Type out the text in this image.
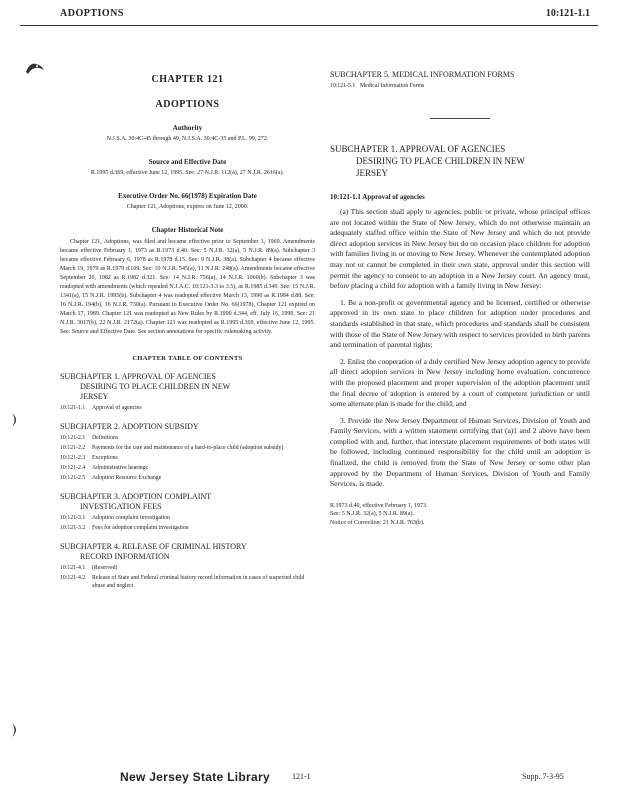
ADOPTIONS	10:121-1.1
CHAPTER 121
ADOPTIONS
Authority
N.J.S.A. 30:4C-45 through 49, N.J.S.A. 30:4C-35 and P.L. 99, 272.
Source and Effective Date
R.1995 d.369, effective June 12, 1995. See: 27 N.J.R. 112(a), 27 N.J.R. 2616(a).
Executive Order No. 66(1978) Expiration Date
Chapter 121, Adoptions, expires on June 12, 2000.
Chapter Historical Note
Chapter 121, Adoptions, was filed and became effective prior to September 1, 1969. Amendments became effective February 1, 1973 as R.1973 d.40. See: 5 N.J.R. 32(a), 5 N.J.R. 89(a). Subchapter 3 became effective February 6, 1978 as R.1978 d.15. See: 9 N.J.R. 38(a). Subchapter 4 became effective March 19, 1979 as R.1979 d.109. See: 10 N.J.R. 545(a), 11 N.J.R. 248(a). Amendments became effective September 20, 1982 as R.1982 d.321. See: 14 N.J.R. 756(a), 14 N.J.R. 1060(b). Subchapter 3 was readopted with amendments (which repealed N.J.A.C. 10:121-3.3 to 3.5), as R.1985 d.349. See: 15 N.J.R. 1341(a), 15 N.J.R. 1995(b). Subchapter 4 was readopted effective March 13, 1990 as R.1984 d.88. See: 16 N.J.R. 194(b), 16 N.J.R. 730(a). Pursuant to Executive Order No. 66(1978), Chapter 121 expired on March 17, 1989. Chapter 121 was readopted as New Rules by R.1990 d.344, eff. July 16, 1990. See: 21 N.J.R. 3017(b), 22 N.J.R. 2172(a). Chapter 121 was readopted as R.1995 d.369, effective June 12, 1995. See: Source and Effective Date. See section annotations for specific rulemaking activity.
CHAPTER TABLE OF CONTENTS
SUBCHAPTER 1. APPROVAL OF AGENCIES
DESIRING TO PLACE CHILDREN IN NEW
JERSEY
10:121-1.1	Approval of agencies
SUBCHAPTER 2. ADOPTION SUBSIDY
10:121-2.1	Definitions
10:121-2.2	Payments for the care and maintenance of a hard-to-place child (adoption subsidy)
10:121-2.3	Exceptions
10:121-2.4	Administrative hearings
10:121-2.5	Adoption Resource Exchange
SUBCHAPTER 3. ADOPTION COMPLAINT
INVESTIGATION FEES
10:121-3.1	Adoption complaint investigation
10:121-3.2	Fees for adoption complaint investigation
SUBCHAPTER 4. RELEASE OF CRIMINAL HISTORY
RECORD INFORMATION
10:121-4.1	(Reserved)
10:121-4.2	Release of State and Federal criminal history record information in cases of suspected child abuse and neglect
SUBCHAPTER 5. MEDICAL INFORMATION FORMS
10:121-5.1 Medical Information Forms
SUBCHAPTER 1. APPROVAL OF AGENCIES
DESIRING TO PLACE CHILDREN IN NEW
JERSEY
10:121-1.1 Approval of agencies

(a) This section shall apply to agencies, public or private, whose principal offices are not located within the State of New Jersey, which do not otherwise maintain an adequately staffed office within the State of New Jersey and which do not provide direct adoption services in New Jersey but do on occasion place children for adoption with families living in or moving to New Jersey. Whenever the contemplated adoption may not or cannot be completed in their own state, approval under this section will permit the agency to consent to an adoption in a New Jersey court. An agency must, before placing a child for adoption with a family living in New Jersey:

1. Be a non-profit or governmental agency and be licensed, certified or otherwise approved in its own state to place children for adoption under procedures and standards established in that state, which procedures and standards shall be consistent with those of the State of New Jersey with respect to services provided to birth parents and termination of parental rights;

2. Enlist the cooperation of a duly certified New Jersey adoption agency to provide all direct adoption services in New Jersey including home evaluation, concurrence with the proposed placement and proper supervision of the adoption placement until the final decree of adoption is entered by a court of competent jurisdiction or until some alternate plan is made for the child; and

3. Provide the New Jersey Department of Human Services, Division of Youth and Family Services, with a written statement certifying that (a)1 and 2 above have been complied with and, further, that interstate placement requirements of both states will be followed, including continued responsibility for the child until an adoption is finalized, the child is removed from the State of New Jersey or some other plan approved by the Department of Human Services, Division of Youth and Family Services, is made.

R.1973 d.40, effective February 1, 1973.
See: 5 N.J.R. 32(a), 5 N.J.R. 89(a).
Notice of Correction: 21 N.J.R. 763(b).
New Jersey State Library	121-1	Supp. 7-3-95
